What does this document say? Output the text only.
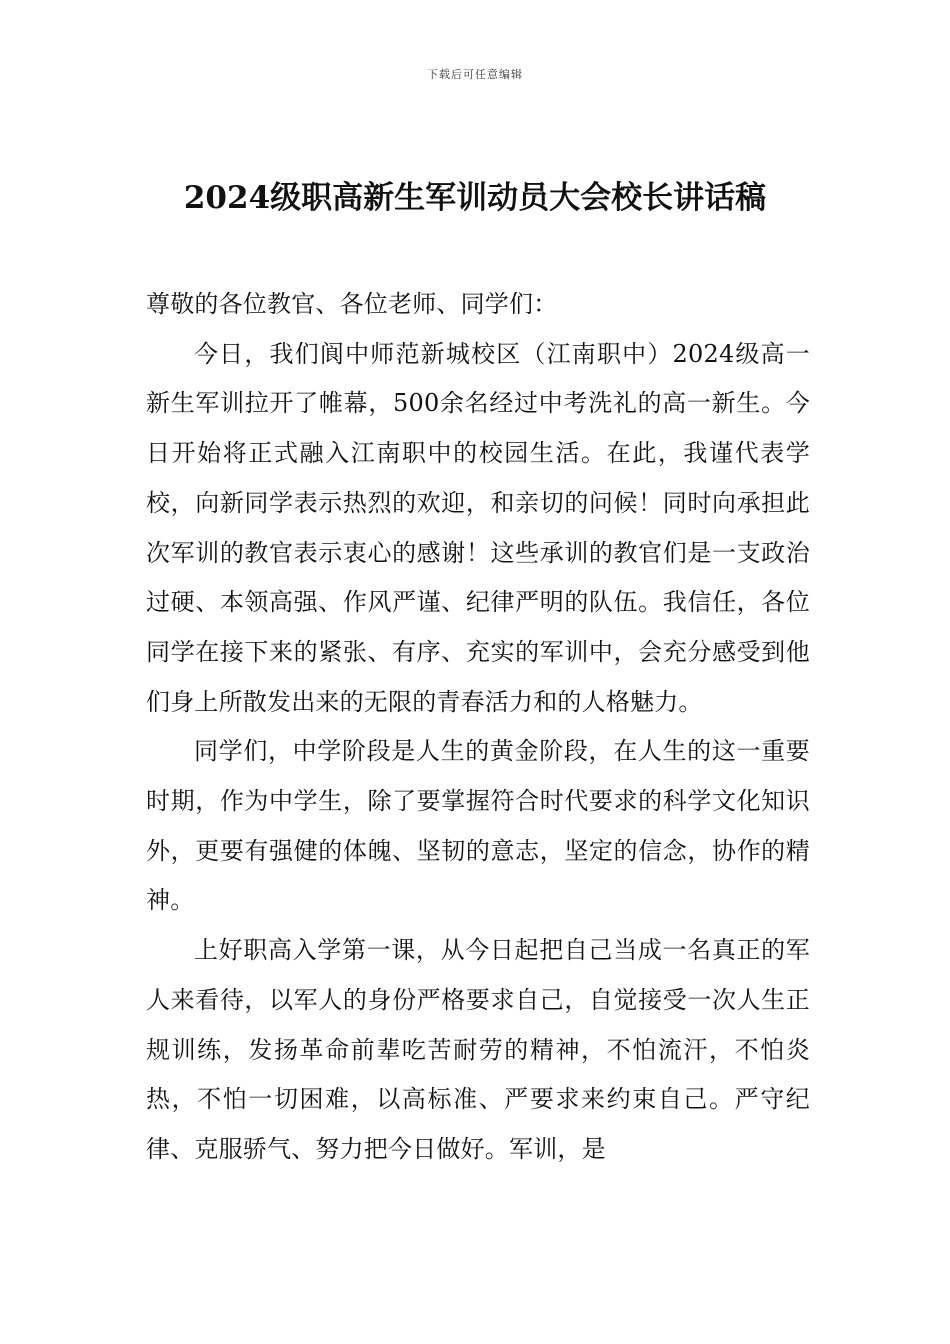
下载后可任意编辑
2024级职高新生军训动员大会校长讲话稿

尊敬的各位教官、各位老师、同学们：

今日，我们阆中师范新城校区（江南职中）2024级高一新生军训拉开了帷幕，500余名经过中考洗礼的高一新生。今日开始将正式融入江南职中的校园生活。在此，我谨代表学校，向新同学表示热烈的欢迎，和亲切的问候！同时向承担此次军训的教官表示衷心的感谢！这些承训的教官们是一支政治过硬、本领高强、作风严谨、纪律严明的队伍。我信任，各位同学在接下来的紧张、有序、充实的军训中，会充分感受到他们身上所散发出来的无限的青春活力和的人格魅力。

同学们，中学阶段是人生的黄金阶段，在人生的这一重要时期，作为中学生，除了要掌握符合时代要求的科学文化知识外，更要有强健的体魄、坚韧的意志，坚定的信念，协作的精神。

上好职高入学第一课，从今日起把自己当成一名真正的军人来看待，以军人的身份严格要求自己，自觉接受一次人生正规训练，发扬革命前辈吃苦耐劳的精神，不怕流汗，不怕炎热，不怕一切困难，以高标准、严要求来约束自己。严守纪律、克服骄气、努力把今日做好。军训，是
